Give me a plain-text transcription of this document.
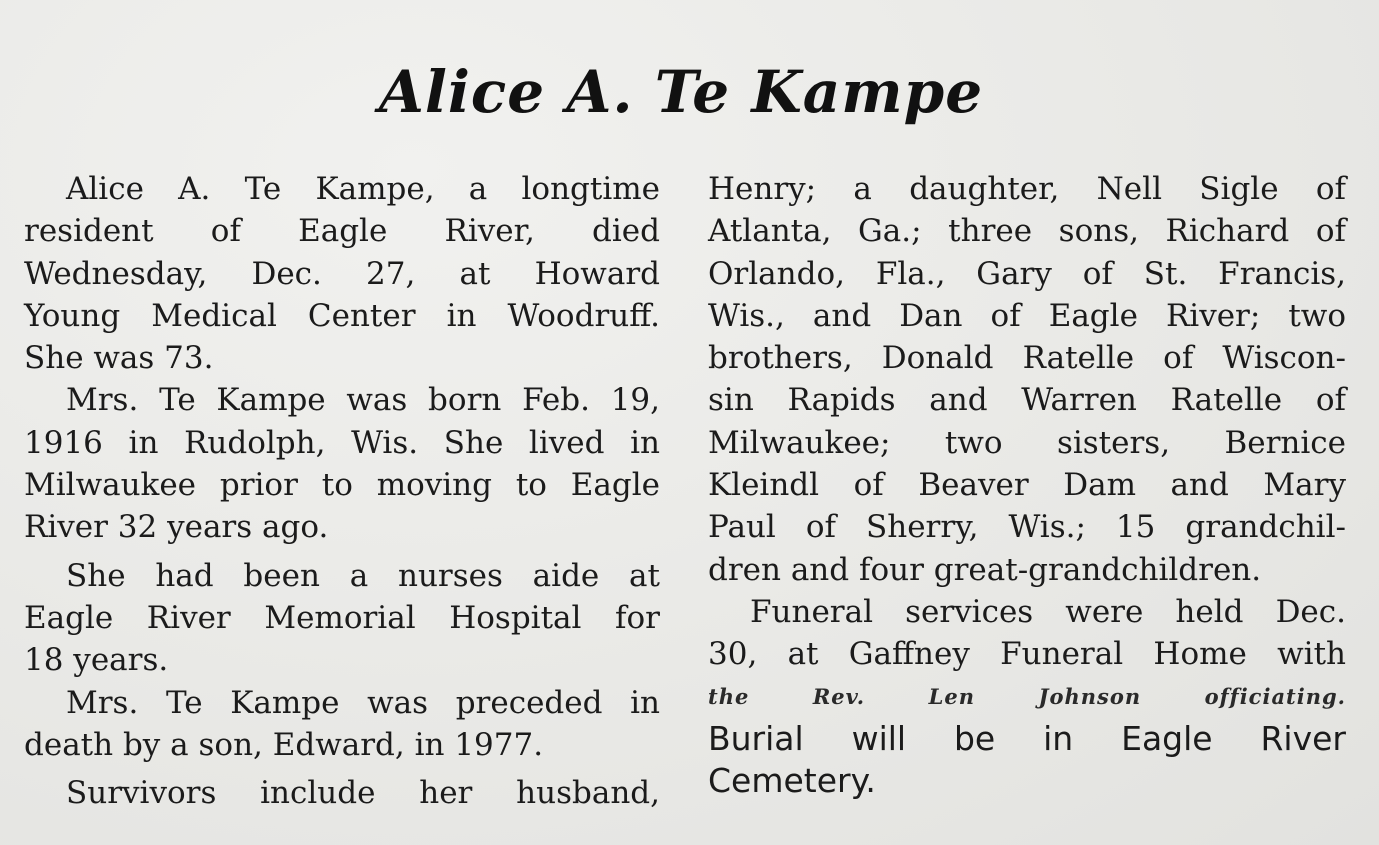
Alice A. Te Kampe
Alice A. Te Kampe, a longtime
resident of Eagle River, died
Wednesday, Dec. 27, at Howard
Young Medical Center in Woodruff.
She was 73.
Mrs. Te Kampe was born Feb. 19,
1916 in Rudolph, Wis. She lived in
Milwaukee prior to moving to Eagle
River 32 years ago.
She had been a nurses aide at
Eagle River Memorial Hospital for
18 years.
Mrs. Te Kampe was preceded in
death by a son, Edward, in 1977.
Survivors include her husband,
Henry; a daughter, Nell Sigle of
Atlanta, Ga.; three sons, Richard of
Orlando, Fla., Gary of St. Francis,
Wis., and Dan of Eagle River; two
brothers, Donald Ratelle of Wiscon-
sin Rapids and Warren Ratelle of
Milwaukee; two sisters, Bernice
Kleindl of Beaver Dam and Mary
Paul of Sherry, Wis.; 15 grandchil-
dren and four great-grandchildren.
Funeral services were held Dec.
30, at Gaffney Funeral Home with
the Rev. Len Johnson officiating.
Burial will be in Eagle River
Cemetery.
